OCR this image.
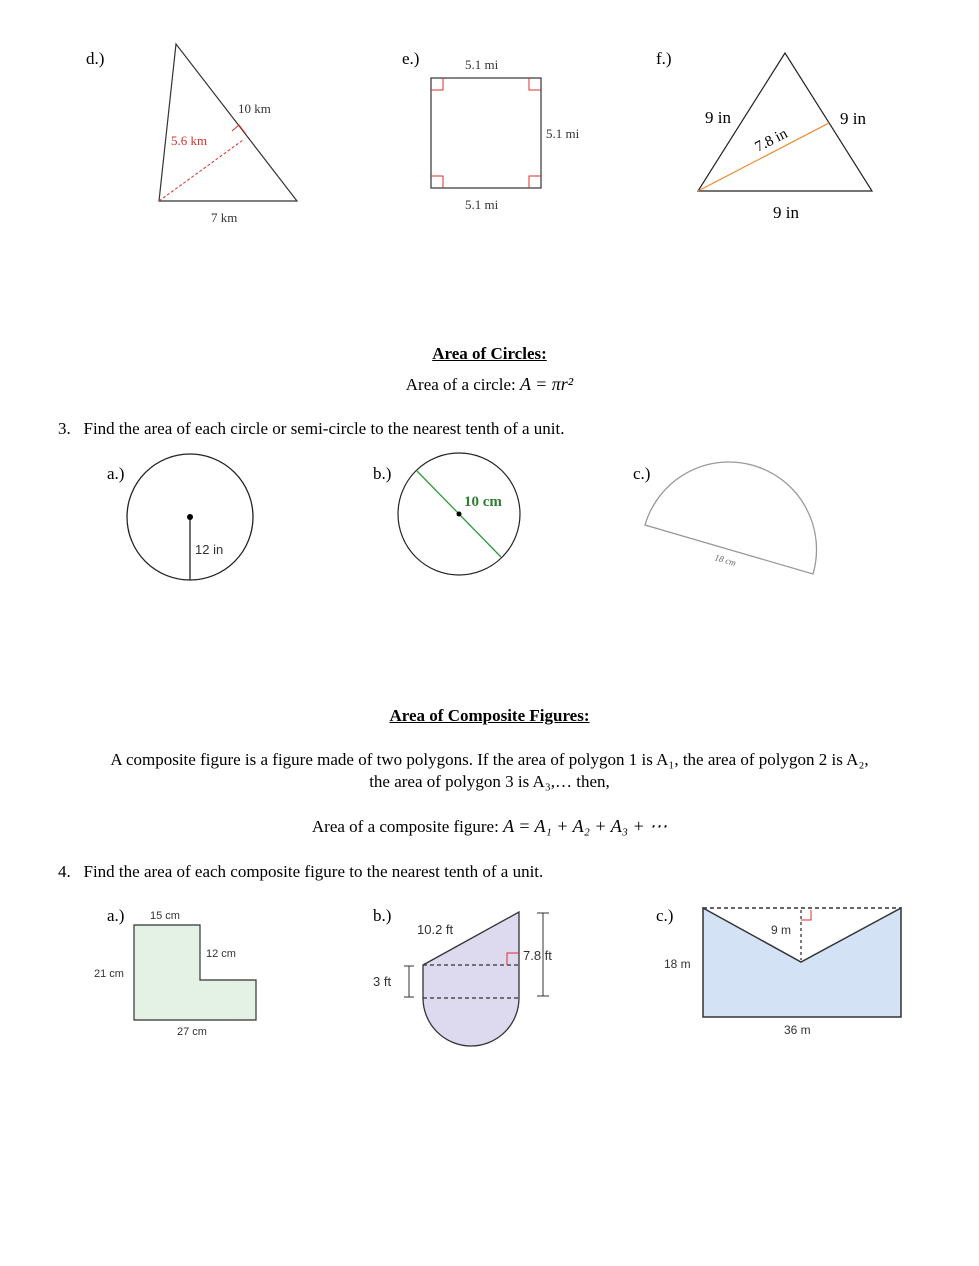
d.)	e.)	f.)
10 km
5.6 km
7 km
5.1 mi
5.1 mi
5.1 mi
9 in	9 in
7.8 in
9 in
12 in
10 cm
18 cm
15 cm
12 cm
21 cm
27 cm
10.2 ft
7.8 ft
3 ft
9 m
18 m
36 m
Area of Circles:
Area of a circle: A = πr²
3.   Find the area of each circle or semi-circle to the nearest tenth of a unit.
a.)	b.)	c.)
Area of Composite Figures:
A composite figure is a figure made of two polygons. If the area of polygon 1 is A₁, the area of polygon 2 is A₂,
the area of polygon 3 is A₃,… then,
Area of a composite figure: A = A₁ + A₂ + A₃ + ⋯
4.   Find the area of each composite figure to the nearest tenth of a unit.
a.)	b.)	c.)
